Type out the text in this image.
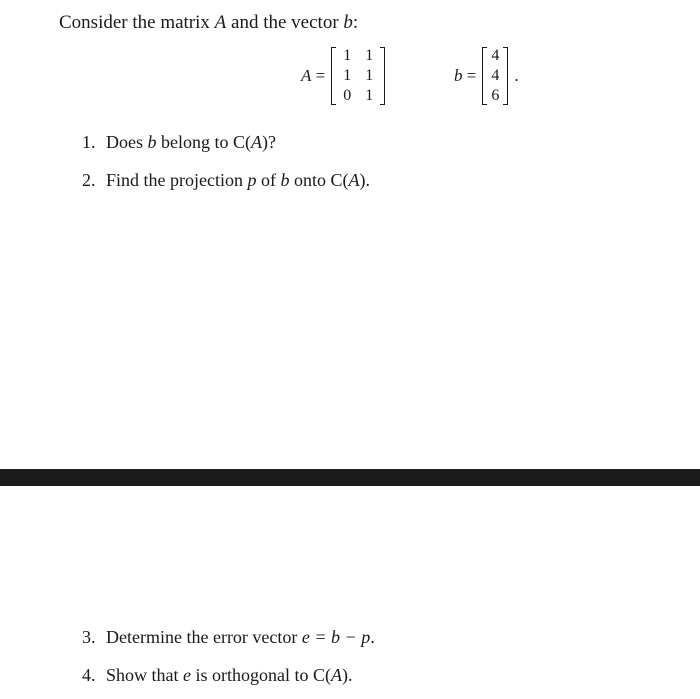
Consider the matrix A and the vector b:
A =
1 1
1 1
0 1
b =
4
4
6
.
1. Does b belong to C(A)?
2. Find the projection p of b onto C(A).
3. Determine the error vector e = b − p.
4. Show that e is orthogonal to C(A).
